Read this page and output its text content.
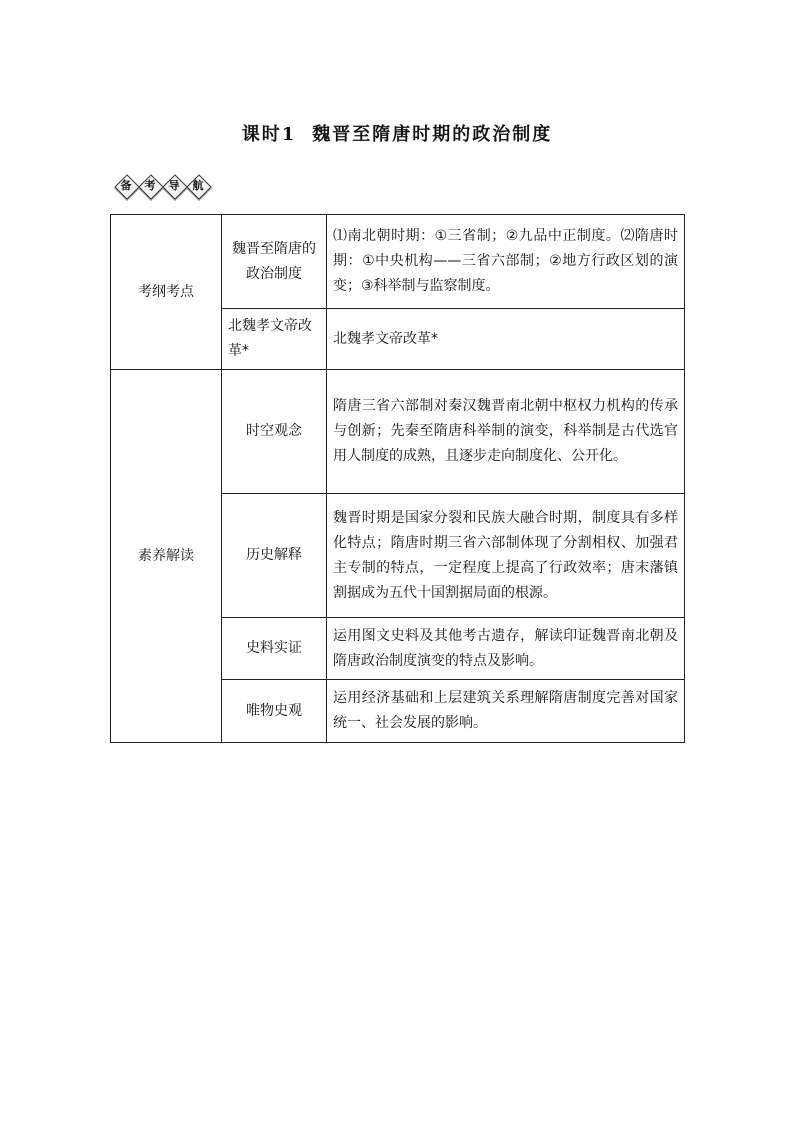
课时1 魏晋至隋唐时期的政治制度
备	考	导	航
考纲考点	魏晋至隋唐的政治制度	⑴南北朝时期：①三省制；②九品中正制度。⑵隋唐时期：①中央机构——三省六部制；②地方行政区划的演变；③科举制与监察制度。

	北魏孝文帝改革*	北魏孝文帝改革*
素养解读	时空观念	隋唐三省六部制对秦汉魏晋南北朝中枢权力机构的传承与创新；先秦至隋唐科举制的演变，科举制是古代选官用人制度的成熟，且逐步走向制度化、公开化。

	历史解释	魏晋时期是国家分裂和民族大融合时期，制度具有多样化特点；隋唐时期三省六部制体现了分割相权、加强君主专制的特点，一定程度上提高了行政效率；唐末藩镇割据成为五代十国割据局面的根源。

	史料实证	运用图文史料及其他考古遗存，解读印证魏晋南北朝及隋唐政治制度演变的特点及影响。

	唯物史观	运用经济基础和上层建筑关系理解隋唐制度完善对国家统一、社会发展的影响。
